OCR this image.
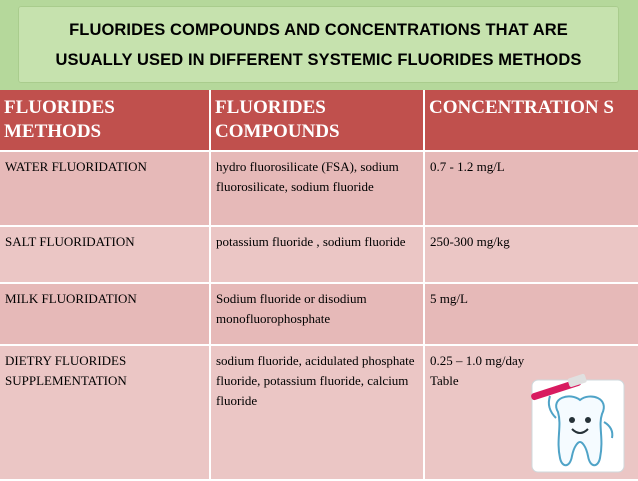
FLUORIDES COMPOUNDS AND CONCENTRATIONS THAT ARE
USUALLY USED IN DIFFERENT SYSTEMIC FLUORIDES METHODS
FLUORIDES METHODS	FLUORIDES COMPOUNDS	CONCENTRATION S
WATER FLUORIDATION	hydro fluorosilicate (FSA), sodium fluorosilicate, sodium fluoride	0.7 - 1.2 mg/L
SALT FLUORIDATION	potassium fluoride , sodium fluoride	250-300 mg/kg
MILK FLUORIDATION	Sodium fluoride or disodium monofluorophosphate	5 mg/L
DIETRY FLUORIDES SUPPLEMENTATION	sodium fluoride, acidulated phosphate fluoride, potassium fluoride, calcium fluoride	0.25 – 1.0 mg/day Table
